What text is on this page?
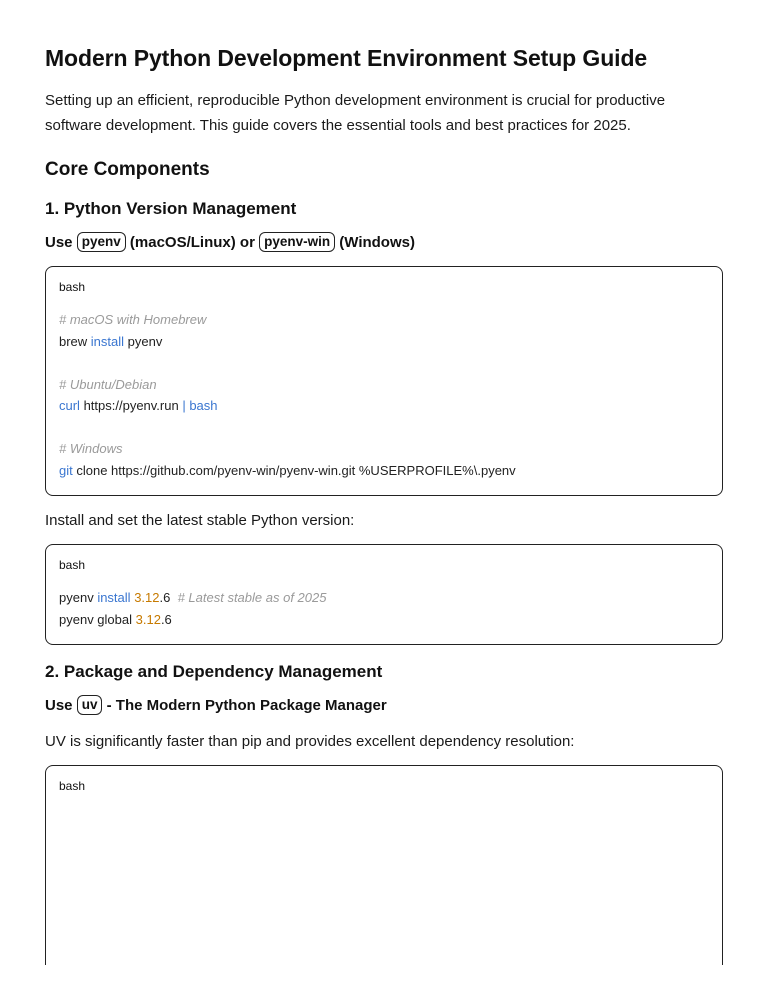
Modern Python Development Environment Setup Guide

Setting up an efficient, reproducible Python development environment is crucial for productive software development. This guide covers the essential tools and best practices for 2025.

Core Components
1. Python Version Management
Use pyenv (macOS/Linux) or pyenv-win (Windows)
bash
# macOS with Homebrew
brew install pyenv
# Ubuntu/Debian
curl https://pyenv.run | bash
# Windows
git clone https://github.com/pyenv-win/pyenv-win.git %USERPROFILE%\.pyenv

Install and set the latest stable Python version:

bash
pyenv install 3.12.6  # Latest stable as of 2025
pyenv global 3.12.6
2. Package and Dependency Management
Use uv - The Modern Python Package Manager

UV is significantly faster than pip and provides excellent dependency resolution:

bash
